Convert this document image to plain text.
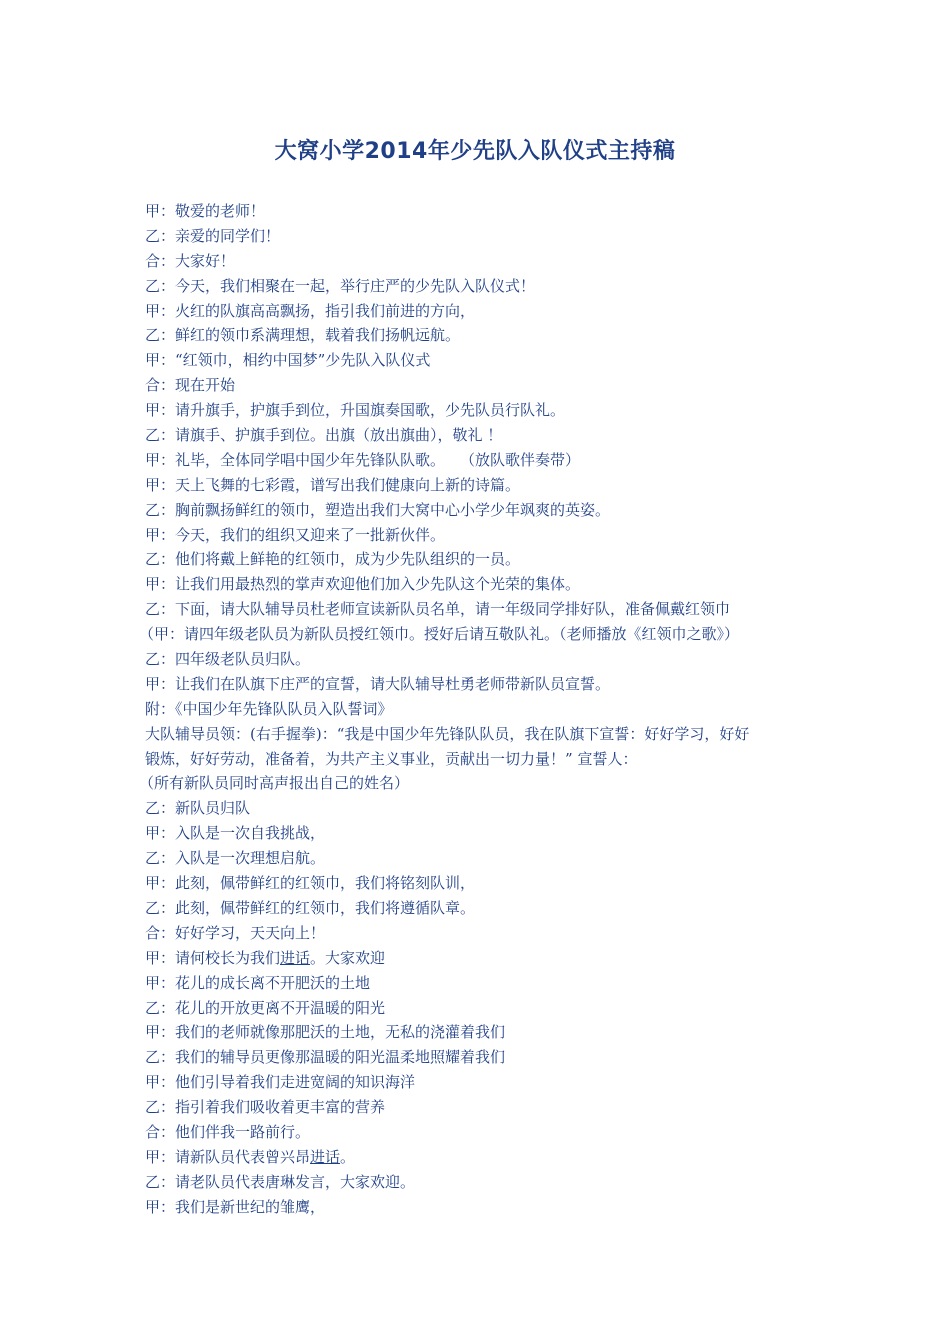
大窝小学2014年少先队入队仪式主持稿
甲：敬爱的老师！
乙：亲爱的同学们！
合：大家好！
乙：今天，我们相聚在一起，举行庄严的少先队入队仪式！
甲：火红的队旗高高飘扬，指引我们前进的方向，
乙：鲜红的领巾系满理想，载着我们扬帆远航。
甲：“红领巾，相约中国梦”少先队入队仪式
合：现在开始
甲：请升旗手，护旗手到位，升国旗奏国歌，少先队员行队礼。
乙：请旗手、护旗手到位。出旗（放出旗曲），敬礼 ！
甲：礼毕，全体同学唱中国少年先锋队队歌。　　（放队歌伴奏带）
甲：天上飞舞的七彩霞，谱写出我们健康向上新的诗篇。
乙：胸前飘扬鲜红的领巾，塑造出我们大窝中心小学少年飒爽的英姿。
甲：今天，我们的组织又迎来了一批新伙伴。
乙：他们将戴上鲜艳的红领巾，成为少先队组织的一员。
甲：让我们用最热烈的掌声欢迎他们加入少先队这个光荣的集体。
乙：下面，请大队辅导员杜老师宣读新队员名单，请一年级同学排好队，准备佩戴红领巾
（甲：请四年级老队员为新队员授红领巾。授好后请互敬队礼。（老师播放《红领巾之歌》）
乙：四年级老队员归队。
甲：让我们在队旗下庄严的宣誓，请大队辅导杜勇老师带新队员宣誓。
附：《中国少年先锋队队员入队誓词》
大队辅导员领：(右手握拳)：“我是中国少年先锋队队员，我在队旗下宣誓：好好学习，好好
锻炼，好好劳动，准备着，为共产主义事业，贡献出一切力量！” 宣誓人：
（所有新队员同时高声报出自己的姓名）
乙：新队员归队
甲：入队是一次自我挑战，
乙：入队是一次理想启航。
甲：此刻，佩带鲜红的红领巾，我们将铭刻队训，
乙：此刻，佩带鲜红的红领巾，我们将遵循队章。
合：好好学习，天天向上！
甲：请何校长为我们进话。大家欢迎
甲：花儿的成长离不开肥沃的土地
乙：花儿的开放更离不开温暖的阳光
甲：我们的老师就像那肥沃的土地，无私的浇灌着我们
乙：我们的辅导员更像那温暖的阳光温柔地照耀着我们
甲：他们引导着我们走进宽阔的知识海洋
乙：指引着我们吸收着更丰富的营养
合：他们伴我一路前行。
甲：请新队员代表曾兴昂进话。
乙：请老队员代表唐琳发言，大家欢迎。
甲：我们是新世纪的雏鹰，
